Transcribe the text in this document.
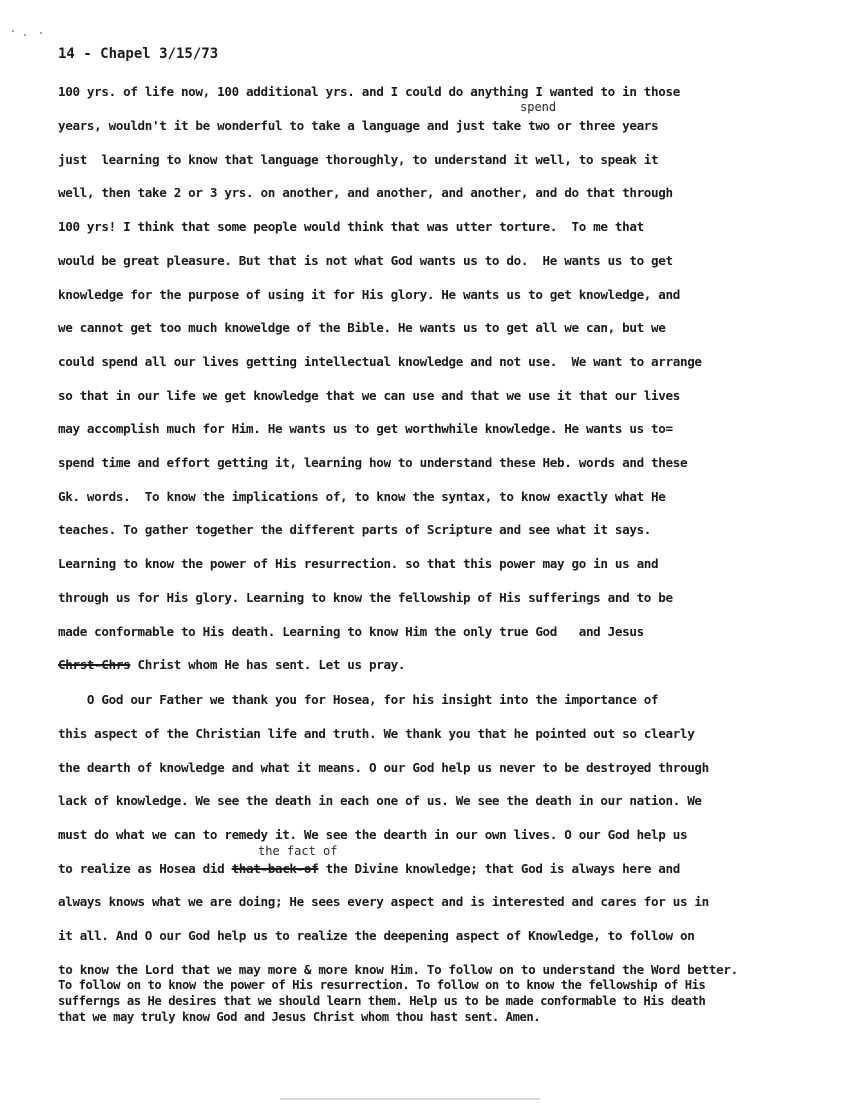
14 - Chapel 3/15/73
100 yrs. of life now, 100 additional yrs. and I could do anything I wanted to in those
spend
years, wouldn't it be wonderful to take a language and just take two or three years
just  learning to know that language thoroughly, to understand it well, to speak it
well, then take 2 or 3 yrs. on another, and another, and another, and do that through
100 yrs! I think that some people would think that was utter torture.  To me that
would be great pleasure. But that is not what God wants us to do.  He wants us to get
knowledge for the purpose of using it for His glory. He wants us to get knowledge, and
we cannot get too much knoweldge of the Bible. He wants us to get all we can, but we
could spend all our lives getting intellectual knowledge and not use.  We want to arrange
so that in our life we get knowledge that we can use and that we use it that our lives
may accomplish much for Him. He wants us to get worthwhile knowledge. He wants us to=
spend time and effort getting it, learning how to understand these Heb. words and these
Gk. words.  To know the implications of, to know the syntax, to know exactly what He
teaches. To gather together the different parts of Scripture and see what it says.
Learning to know the power of His resurrection. so that this power may go in us and
through us for His glory. Learning to know the fellowship of His sufferings and to be
made conformable to His death. Learning to know Him the only true God   and Jesus
Chrst-Chrs Christ whom He has sent. Let us pray.
O God our Father we thank you for Hosea, for his insight into the importance of
this aspect of the Christian life and truth. We thank you that he pointed out so clearly
the dearth of knowledge and what it means. O our God help us never to be destroyed through
lack of knowledge. We see the death in each one of us. We see the death in our nation. We
must do what we can to remedy it. We see the dearth in our own lives. O our God help us
the fact of
to realize as Hosea did that-back-of the Divine knowledge; that God is always here and
always knows what we are doing; He sees every aspect and is interested and cares for us in
it all. And O our God help us to realize the deepening aspect of Knowledge, to follow on
to know the Lord that we may more & more know Him. To follow on to understand the Word better.
To follow on to know the power of His resurrection. To follow on to know the fellowship of His
sufferngs as He desires that we should learn them. Help us to be made conformable to His death
that we may truly know God and Jesus Christ whom thou hast sent. Amen.
